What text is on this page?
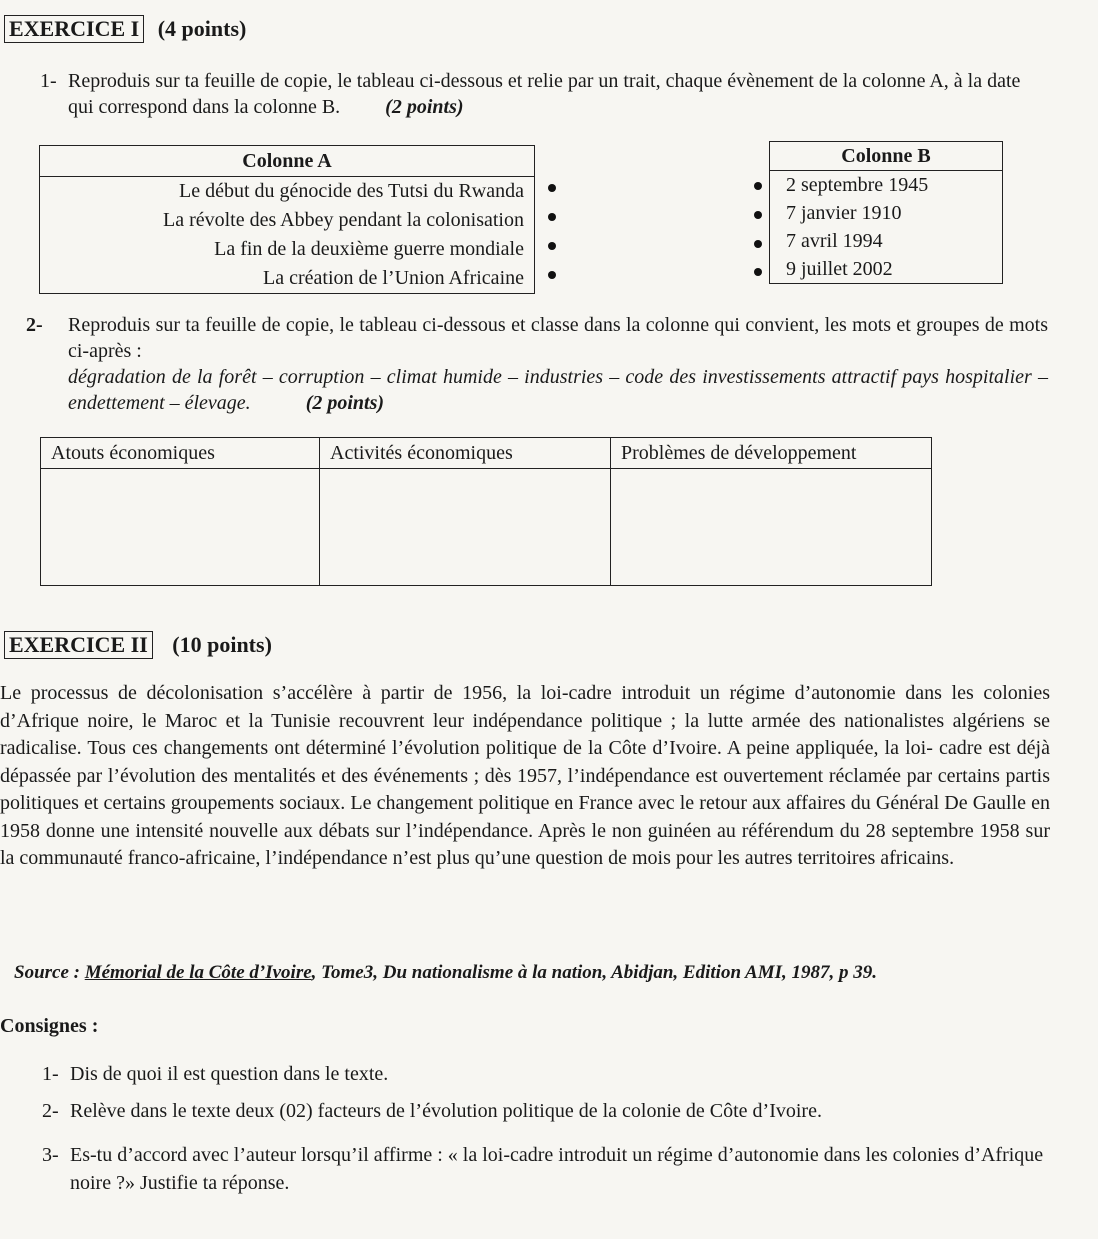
EXERCICE I (4 points)
1- Reproduis sur ta feuille de copie, le tableau ci-dessous et relie par un trait, chaque évènement de la colonne A, à la date qui correspond dans la colonne B. (2 points)
Colonne A
Le début du génocide des Tutsi du Rwanda
La révolte des Abbey pendant la colonisation
La fin de la deuxième guerre mondiale
La création de l’Union Africaine
Colonne B
2 septembre 1945
7 janvier 1910
7 avril 1994
9 juillet 2002
2- Reproduis sur ta feuille de copie, le tableau ci-dessous et classe dans la colonne qui convient, les mots et groupes de mots ci-après :
dégradation de la forêt – corruption – climat humide – industries – code des investissements attractif pays hospitalier – endettement – élevage.	(2 points)
Atouts économiques	Activités économiques	Problèmes de développement

EXERCICE II (10 points)
Le processus de décolonisation s’accélère à partir de 1956, la loi-cadre introduit un régime d’autonomie dans les colonies d’Afrique noire, le Maroc et la Tunisie recouvrent leur indépendance politique ; la lutte armée des nationalistes algériens se radicalise. Tous ces changements ont déterminé l’évolution politique de la Côte d’Ivoire. A peine appliquée, la loi- cadre est déjà dépassée par l’évolution des mentalités et des événements ; dès 1957, l’indépendance est ouvertement réclamée par certains partis politiques et certains groupements sociaux. Le changement politique en France avec le retour aux affaires du Général De Gaulle en 1958 donne une intensité nouvelle aux débats sur l’indépendance. Après le non guinéen au référendum du 28 septembre 1958 sur la communauté franco-africaine, l’indépendance n’est plus qu’une question de mois pour les autres territoires africains.
Source : Mémorial de la Côte d’Ivoire, Tome3, Du nationalisme à la nation, Abidjan, Edition AMI, 1987, p 39.
Consignes :
1- Dis de quoi il est question dans le texte.
2- Relève dans le texte deux (02) facteurs de l’évolution politique de la colonie de Côte d’Ivoire.
3- Es-tu d’accord avec l’auteur lorsqu’il affirme : « la loi-cadre introduit un régime d’autonomie dans les colonies d’Afrique noire ?» Justifie ta réponse.
